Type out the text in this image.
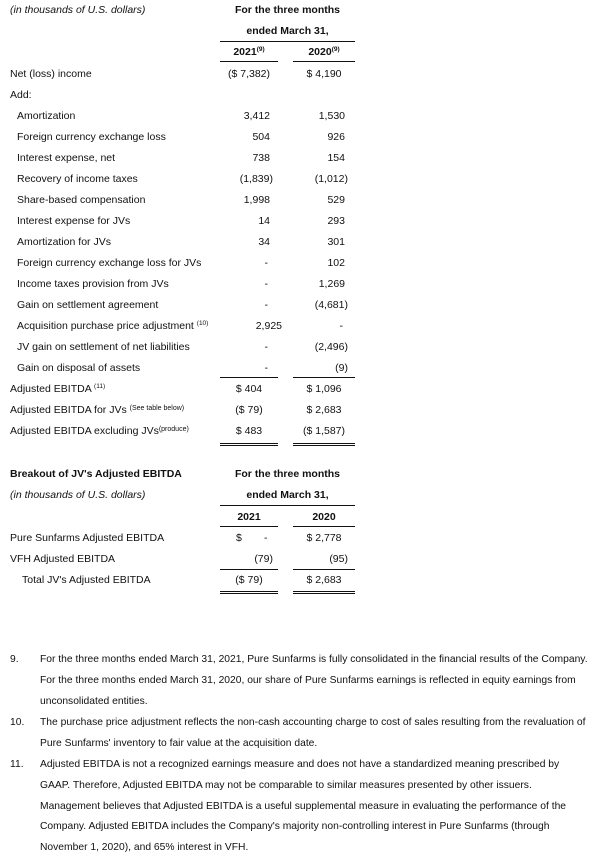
(in thousands of U.S. dollars)	For the three months
ended March 31,
2021$^{(9)}$	2020$^{(9)}$
Net (loss) income	($ 7,382)	$ 4,190
Add:
Amortization	3,412	1,530
Foreign currency exchange loss	504	926
Interest expense, net	738	154
Recovery of income taxes	(1,839)	(1,012)
Share-based compensation	1,998	529
Interest expense for JVs	14	293
Amortization for JVs	34	301
Foreign currency exchange loss for JVs	-	102
Income taxes provision from JVs	-	1,269
Gain on settlement agreement	-	(4,681)
Acquisition purchase price adjustment $^{(10)}$	2,925	-
JV gain on settlement of net liabilities	-	(2,496)
Gain on disposal of assets	-	(9)
Adjusted EBITDA $^{(11)}$	$ 404	$ 1,096
Adjusted EBITDA for JVs $^{(See table below)}$	($ 79)	$ 2,683
Adjusted EBITDA excluding JVs$^{(produce)}$	$ 483	($ 1,587)
Breakout of JV's Adjusted EBITDA	For the three months
(in thousands of U.S. dollars)	ended March 31,
2021	2020
Pure Sunfarms Adjusted EBITDA	$ -	$ 2,778
VFH Adjusted EBITDA	(79)	(95)
Total JV's Adjusted EBITDA	($ 79)	$ 2,683
9. For the three months ended March 31, 2021, Pure Sunfarms is fully consolidated in the financial results of the Company. For the three months ended March 31, 2020, our share of Pure Sunfarms earnings is reflected in equity earnings from unconsolidated entities.
10. The purchase price adjustment reflects the non-cash accounting charge to cost of sales resulting from the revaluation of Pure Sunfarms' inventory to fair value at the acquisition date.
11. Adjusted EBITDA is not a recognized earnings measure and does not have a standardized meaning prescribed by GAAP. Therefore, Adjusted EBITDA may not be comparable to similar measures presented by other issuers. Management believes that Adjusted EBITDA is a useful supplemental measure in evaluating the performance of the Company. Adjusted EBITDA includes the Company's majority non-controlling interest in Pure Sunfarms (through November 1, 2020), and 65% interest in VFH.
